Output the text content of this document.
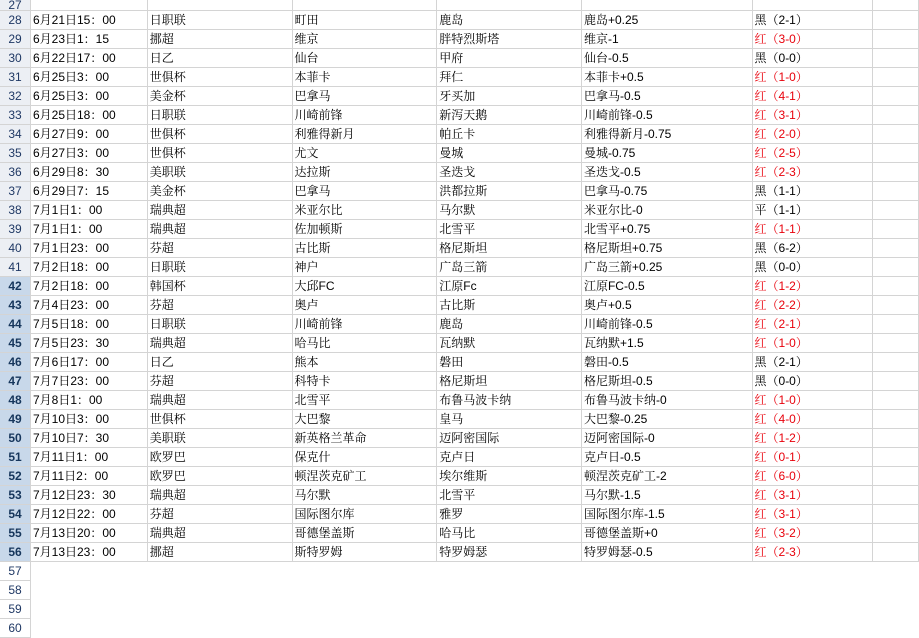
27							
28	6月21日15：00	日职联	町田	鹿岛	鹿岛+0.25	黑（2-1）	
29	6月23日1：15	挪超	维京	胖特烈斯塔	维京-1	红（3-0）	
30	6月22日17：00	日乙	仙台	甲府	仙台-0.5	黑（0-0）	
31	6月25日3：00	世俱杯	本菲卡	拜仁	本菲卡+0.5	红（1-0）	
32	6月25日3：00	美金杯	巴拿马	牙买加	巴拿马-0.5	红（4-1）	
33	6月25日18：00	日职联	川崎前锋	新泻天鹅	川崎前锋-0.5	红（3-1）	
34	6月27日9：00	世俱杯	利雅得新月	帕丘卡	利雅得新月-0.75	红（2-0）	
35	6月27日3：00	世俱杯	尤文	曼城	曼城-0.75	红（2-5）	
36	6月29日8：30	美职联	达拉斯	圣迭戈	圣迭戈-0.5	红（2-3）	
37	6月29日7：15	美金杯	巴拿马	洪都拉斯	巴拿马-0.75	黑（1-1）	
38	7月1日1：00	瑞典超	米亚尔比	马尔默	米亚尔比-0	平（1-1）	
39	7月1日1：00	瑞典超	佐加顿斯	北雪平	北雪平+0.75	红（1-1）	
40	7月1日23：00	芬超	古比斯	格尼斯坦	格尼斯坦+0.75	黑（6-2）	
41	7月2日18：00	日职联	神户	广岛三箭	广岛三箭+0.25	黑（0-0）	
42	7月2日18：00	韩国杯	大邱FC	江原Fc	江原FC-0.5	红（1-2）	
43	7月4日23：00	芬超	奥卢	古比斯	奥卢+0.5	红（2-2）	
44	7月5日18：00	日职联	川崎前锋	鹿岛	川崎前锋-0.5	红（2-1）	
45	7月5日23：30	瑞典超	哈马比	瓦纳默	瓦纳默+1.5	红（1-0）	
46	7月6日17：00	日乙	熊本	磐田	磐田-0.5	黑（2-1）	
47	7月7日23：00	芬超	科特卡	格尼斯坦	格尼斯坦-0.5	黑（0-0）	
48	7月8日1：00	瑞典超	北雪平	布鲁马波卡纳	布鲁马波卡纳-0	红（1-0）	
49	7月10日3：00	世俱杯	大巴黎	皇马	大巴黎-0.25	红（4-0）	
50	7月10日7：30	美职联	新英格兰革命	迈阿密国际	迈阿密国际-0	红（1-2）	
51	7月11日1：00	欧罗巴	保克什	克卢日	克卢日-0.5	红（0-1）	
52	7月11日2：00	欧罗巴	顿涅茨克矿工	埃尔维斯	顿涅茨克矿工-2	红（6-0）	
53	7月12日23：30	瑞典超	马尔默	北雪平	马尔默-1.5	红（3-1）	
54	7月12日22：00	芬超	国际图尔库	雅罗	国际图尔库-1.5	红（3-1）	
55	7月13日20：00	瑞典超	哥德堡盖斯	哈马比	哥德堡盖斯+0	红（3-2）	
56	7月13日23：00	挪超	斯特罗姆	特罗姆瑟	特罗姆瑟-0.5	红（2-3）	
57							
58							
59							
60							
